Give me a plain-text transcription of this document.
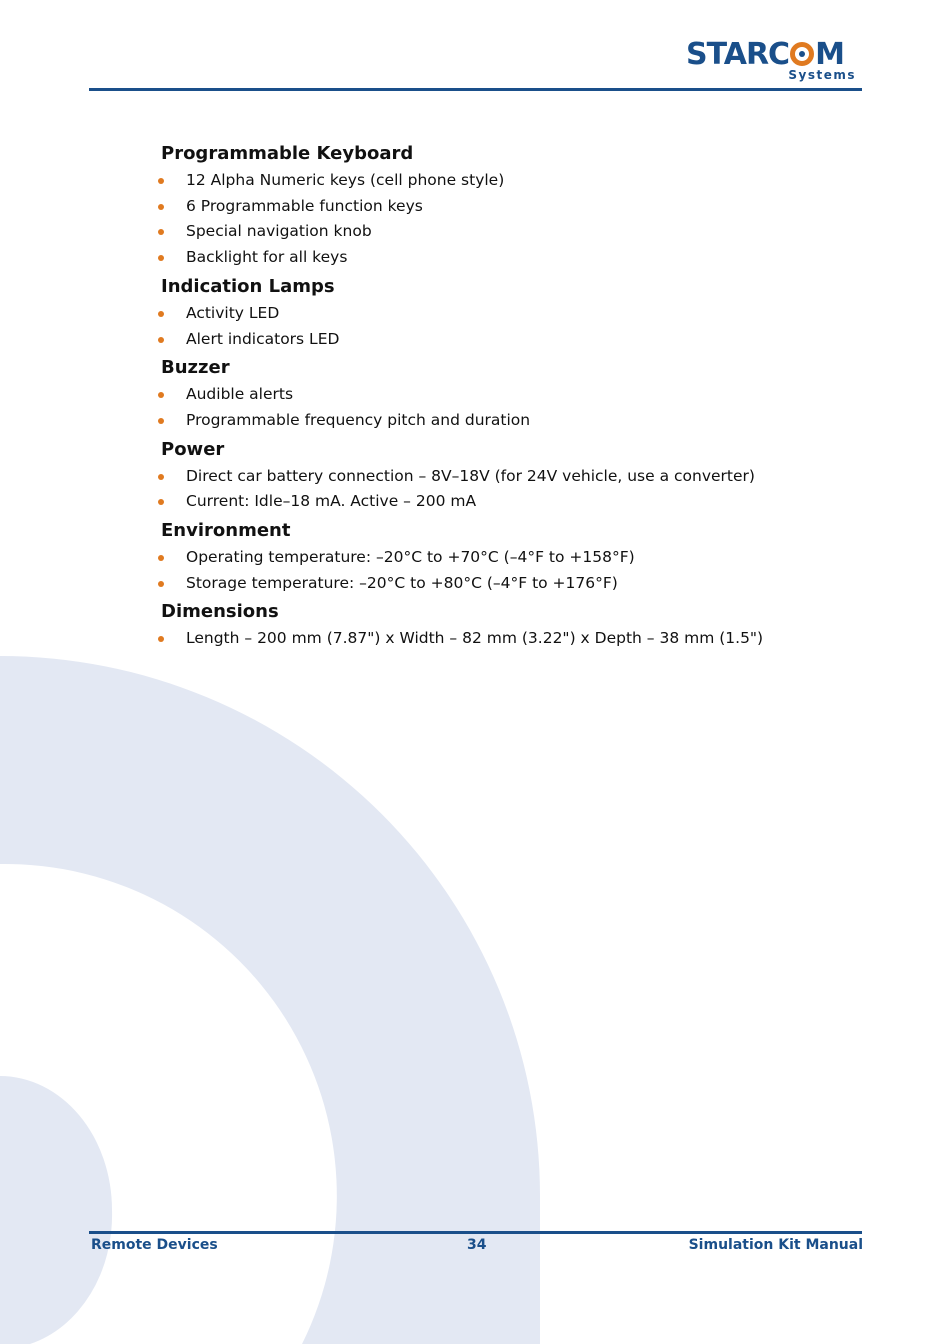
STARC M
Systems
Programmable Keyboard
12 Alpha Numeric keys (cell phone style)
6 Programmable function keys
Special navigation knob
Backlight for all keys
Indication Lamps
Activity LED
Alert indicators LED
Buzzer
Audible alerts
Programmable frequency pitch and duration
Power
Direct car battery connection – 8V–18V (for 24V vehicle, use a converter)
Current: Idle–18 mA. Active – 200 mA
Environment
Operating temperature: –20°C to +70°C (–4°F to +158°F)
Storage temperature: –20°C to +80°C (–4°F to +176°F)
Dimensions
Length – 200 mm (7.87") x Width – 82 mm (3.22") x Depth – 38 mm (1.5")
Remote Devices	34	Simulation Kit Manual
